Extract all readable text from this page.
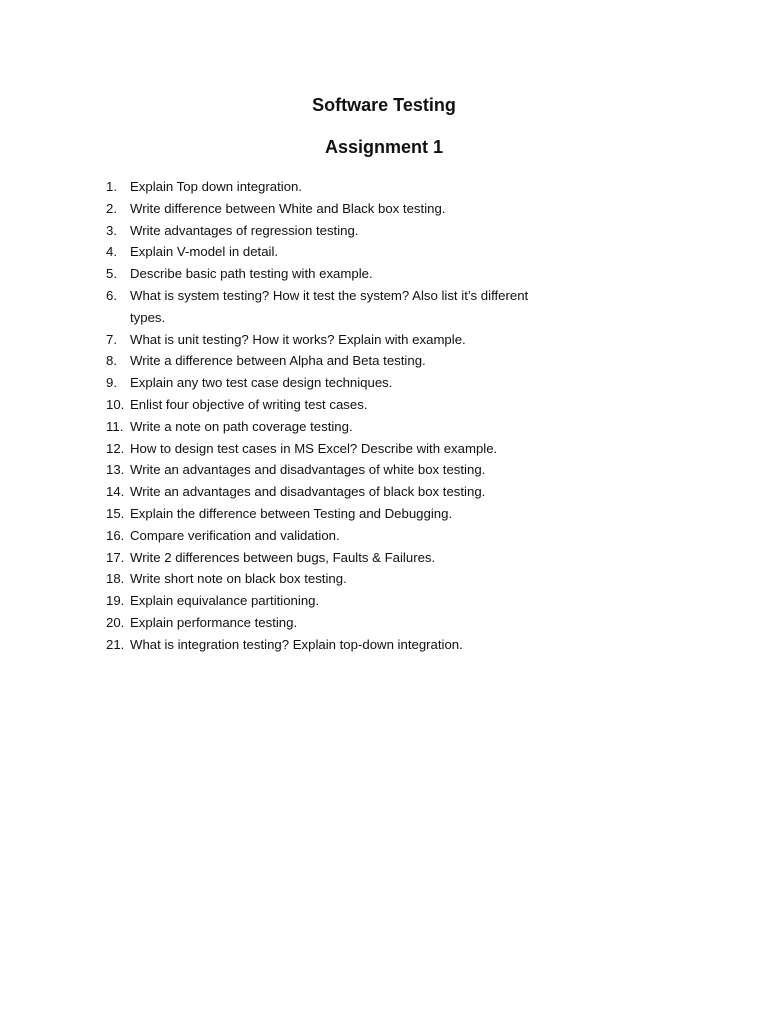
Software Testing
Assignment 1
1. Explain Top down integration.
2. Write difference between White and Black box testing.
3. Write advantages of regression testing.
4. Explain V-model in detail.
5. Describe basic path testing with example.
6. What is system testing? How it test the system? Also list it’s different types.
7. What is unit testing? How it works? Explain with example.
8. Write a difference between Alpha and Beta testing.
9. Explain any two test case design techniques.
10. Enlist four objective of writing test cases.
11. Write a note on path coverage testing.
12. How to design test cases in MS Excel? Describe with example.
13. Write an advantages and disadvantages of white box testing.
14. Write an advantages and disadvantages of black box testing.
15. Explain the difference between Testing and Debugging.
16. Compare verification and validation.
17. Write 2 differences between bugs, Faults & Failures.
18. Write short note on black box testing.
19. Explain equivalance partitioning.
20. Explain performance testing.
21. What is integration testing? Explain top-down integration.
